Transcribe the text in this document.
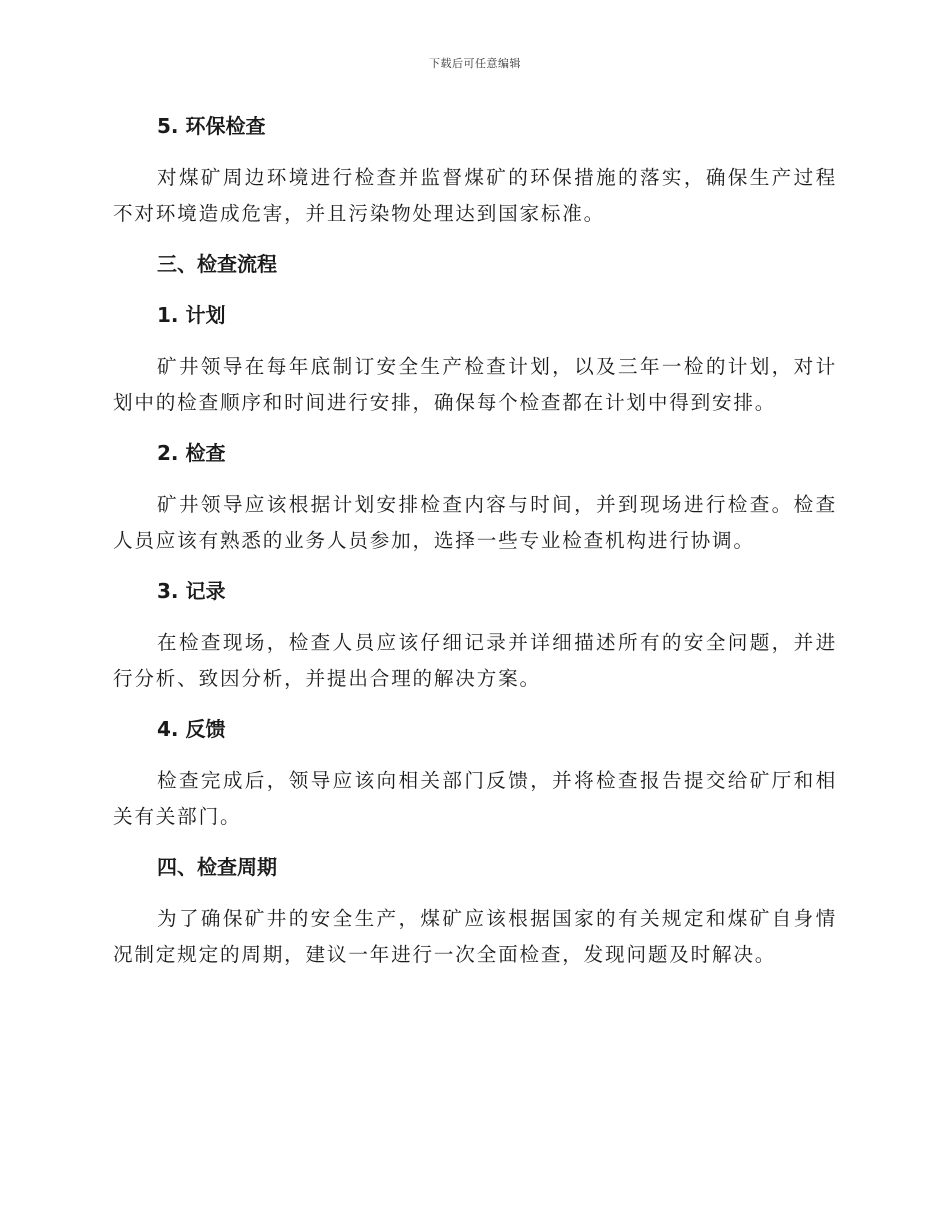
下载后可任意编辑
5. 环保检查

对煤矿周边环境进行检查并监督煤矿的环保措施的落实，确保生产过程不对环境造成危害，并且污染物处理达到国家标准。

三、检查流程
1. 计划

矿井领导在每年底制订安全生产检查计划，以及三年一检的计划，对计划中的检查顺序和时间进行安排，确保每个检查都在计划中得到安排。

2. 检查

矿井领导应该根据计划安排检查内容与时间，并到现场进行检查。检查人员应该有熟悉的业务人员参加，选择一些专业检查机构进行协调。

3. 记录

在检查现场，检查人员应该仔细记录并详细描述所有的安全问题，并进行分析、致因分析，并提出合理的解决方案。

4. 反馈

检查完成后，领导应该向相关部门反馈，并将检查报告提交给矿厅和相关有关部门。

四、检查周期

为了确保矿井的安全生产，煤矿应该根据国家的有关规定和煤矿自身情况制定规定的周期，建议一年进行一次全面检查，发现问题及时解决。
